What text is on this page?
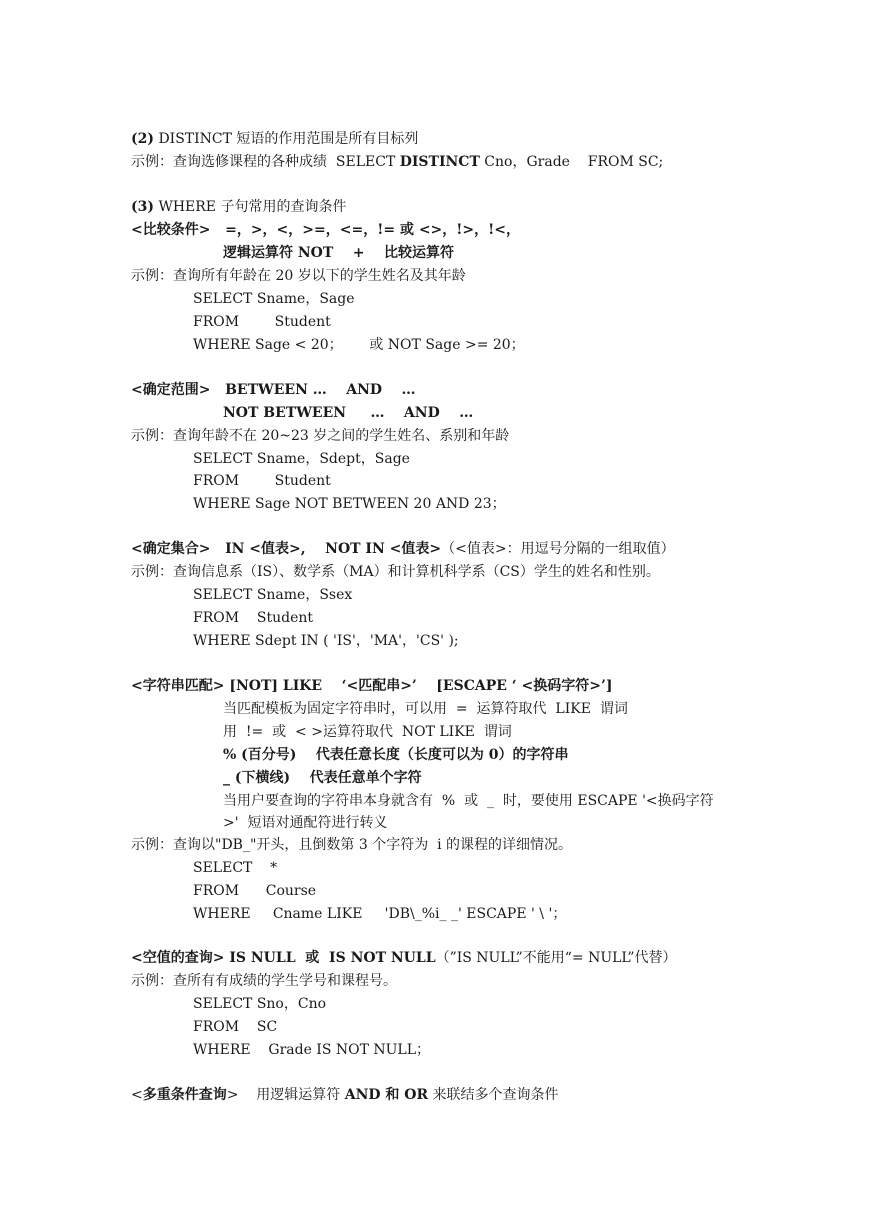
(2) DISTINCT 短语的作用范围是所有目标列
示例：查询选修课程的各种成绩  SELECT DISTINCT Cno，Grade    FROM SC;
(3) WHERE 子句常用的查询条件
<比较条件>   =，>，<，>=，<=，!= 或 <>，!>，!<，
逻辑运算符 NOT    +    比较运算符
示例：查询所有年龄在 20 岁以下的学生姓名及其年龄
SELECT Sname，Sage
FROM        Student
WHERE Sage < 20；      或 NOT Sage >= 20；
<确定范围>   BETWEEN …    AND    …
NOT BETWEEN     …    AND    …
示例：查询年龄不在 20~23 岁之间的学生姓名、系别和年龄
SELECT Sname，Sdept，Sage
FROM        Student
WHERE Sage NOT BETWEEN 20 AND 23；
<确定集合>   IN <值表>,    NOT IN <值表>（<值表>：用逗号分隔的一组取值）
示例：查询信息系（IS）、数学系（MA）和计算机科学系（CS）学生的姓名和性别。
SELECT Sname，Ssex
FROM    Student
WHERE Sdept IN ( 'IS'，'MA'，'CS' );
<字符串匹配> [NOT] LIKE    ‘<匹配串>’    [ESCAPE ‘ <换码字符>’]
当匹配模板为固定字符串时，可以用  =  运算符取代  LIKE  谓词
用  !=  或  < >运算符取代  NOT LIKE  谓词
% (百分号)    代表任意长度（长度可以为 0）的字符串
_ (下横线)    代表任意单个字符
当用户要查询的字符串本身就含有  %  或  _  时，要使用 ESCAPE '<换码字符
>'  短语对通配符进行转义
示例：查询以"DB_"开头，且倒数第 3 个字符为  i 的课程的详细情况。
SELECT    *
FROM      Course
WHERE     Cname LIKE     'DB\_%i_ _' ESCAPE ' \ '；
<空值的查询> IS NULL  或  IS NOT NULL（”IS NULL”不能用“= NULL”代替）
示例：查所有有成绩的学生学号和课程号。
SELECT Sno，Cno
FROM    SC
WHERE    Grade IS NOT NULL；
<多重条件查询>    用逻辑运算符 AND 和 OR 来联结多个查询条件
